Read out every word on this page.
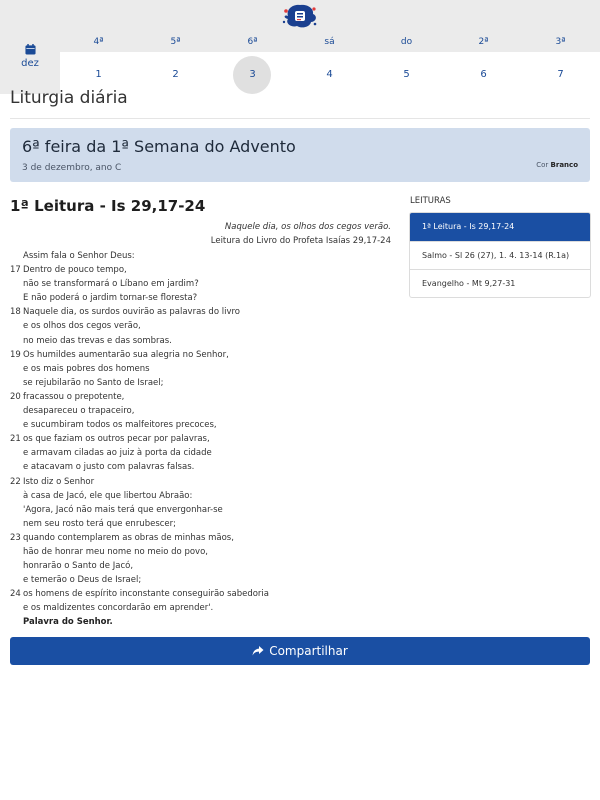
dez
4ª	5ª	6ª	sá	do	2ª	3ª
1	2	3	4	5	6	7
Liturgia diária
6ª feira da 1ª Semana do Advento
3 de dezembro, ano C	Cor Branco
1ª Leitura - Is 29,17-24
Naquele dia, os olhos dos cegos verão.
Leitura do Livro do Profeta Isaías 29,17-24
Assim fala o Senhor Deus:
17 Dentro de pouco tempo,
não se transformará o Líbano em jardim?
E não poderá o jardim tornar-se floresta?
18 Naquele dia, os surdos ouvirão as palavras do livro
e os olhos dos cegos verão,
no meio das trevas e das sombras.
19 Os humildes aumentarão sua alegria no Senhor,
e os mais pobres dos homens
se rejubilarão no Santo de Israel;
20 fracassou o prepotente,
desapareceu o trapaceiro,
e sucumbiram todos os malfeitores precoces,
21 os que faziam os outros pecar por palavras,
e armavam ciladas ao juiz à porta da cidade
e atacavam o justo com palavras falsas.
22 Isto diz o Senhor
à casa de Jacó, ele que libertou Abraão:
'Agora, Jacó não mais terá que envergonhar-se
nem seu rosto terá que enrubescer;
23 quando contemplarem as obras de minhas mãos,
hão de honrar meu nome no meio do povo,
honrarão o Santo de Jacó,
e temerão o Deus de Israel;
24 os homens de espírito inconstante conseguirão sabedoria
e os maldizentes concordarão em aprender'.
Palavra do Senhor.
LEITURAS
1ª Leitura - Is 29,17-24
Salmo - Sl 26 (27), 1. 4. 13-14 (R.1a)
Evangelho - Mt 9,27-31
Compartilhar
